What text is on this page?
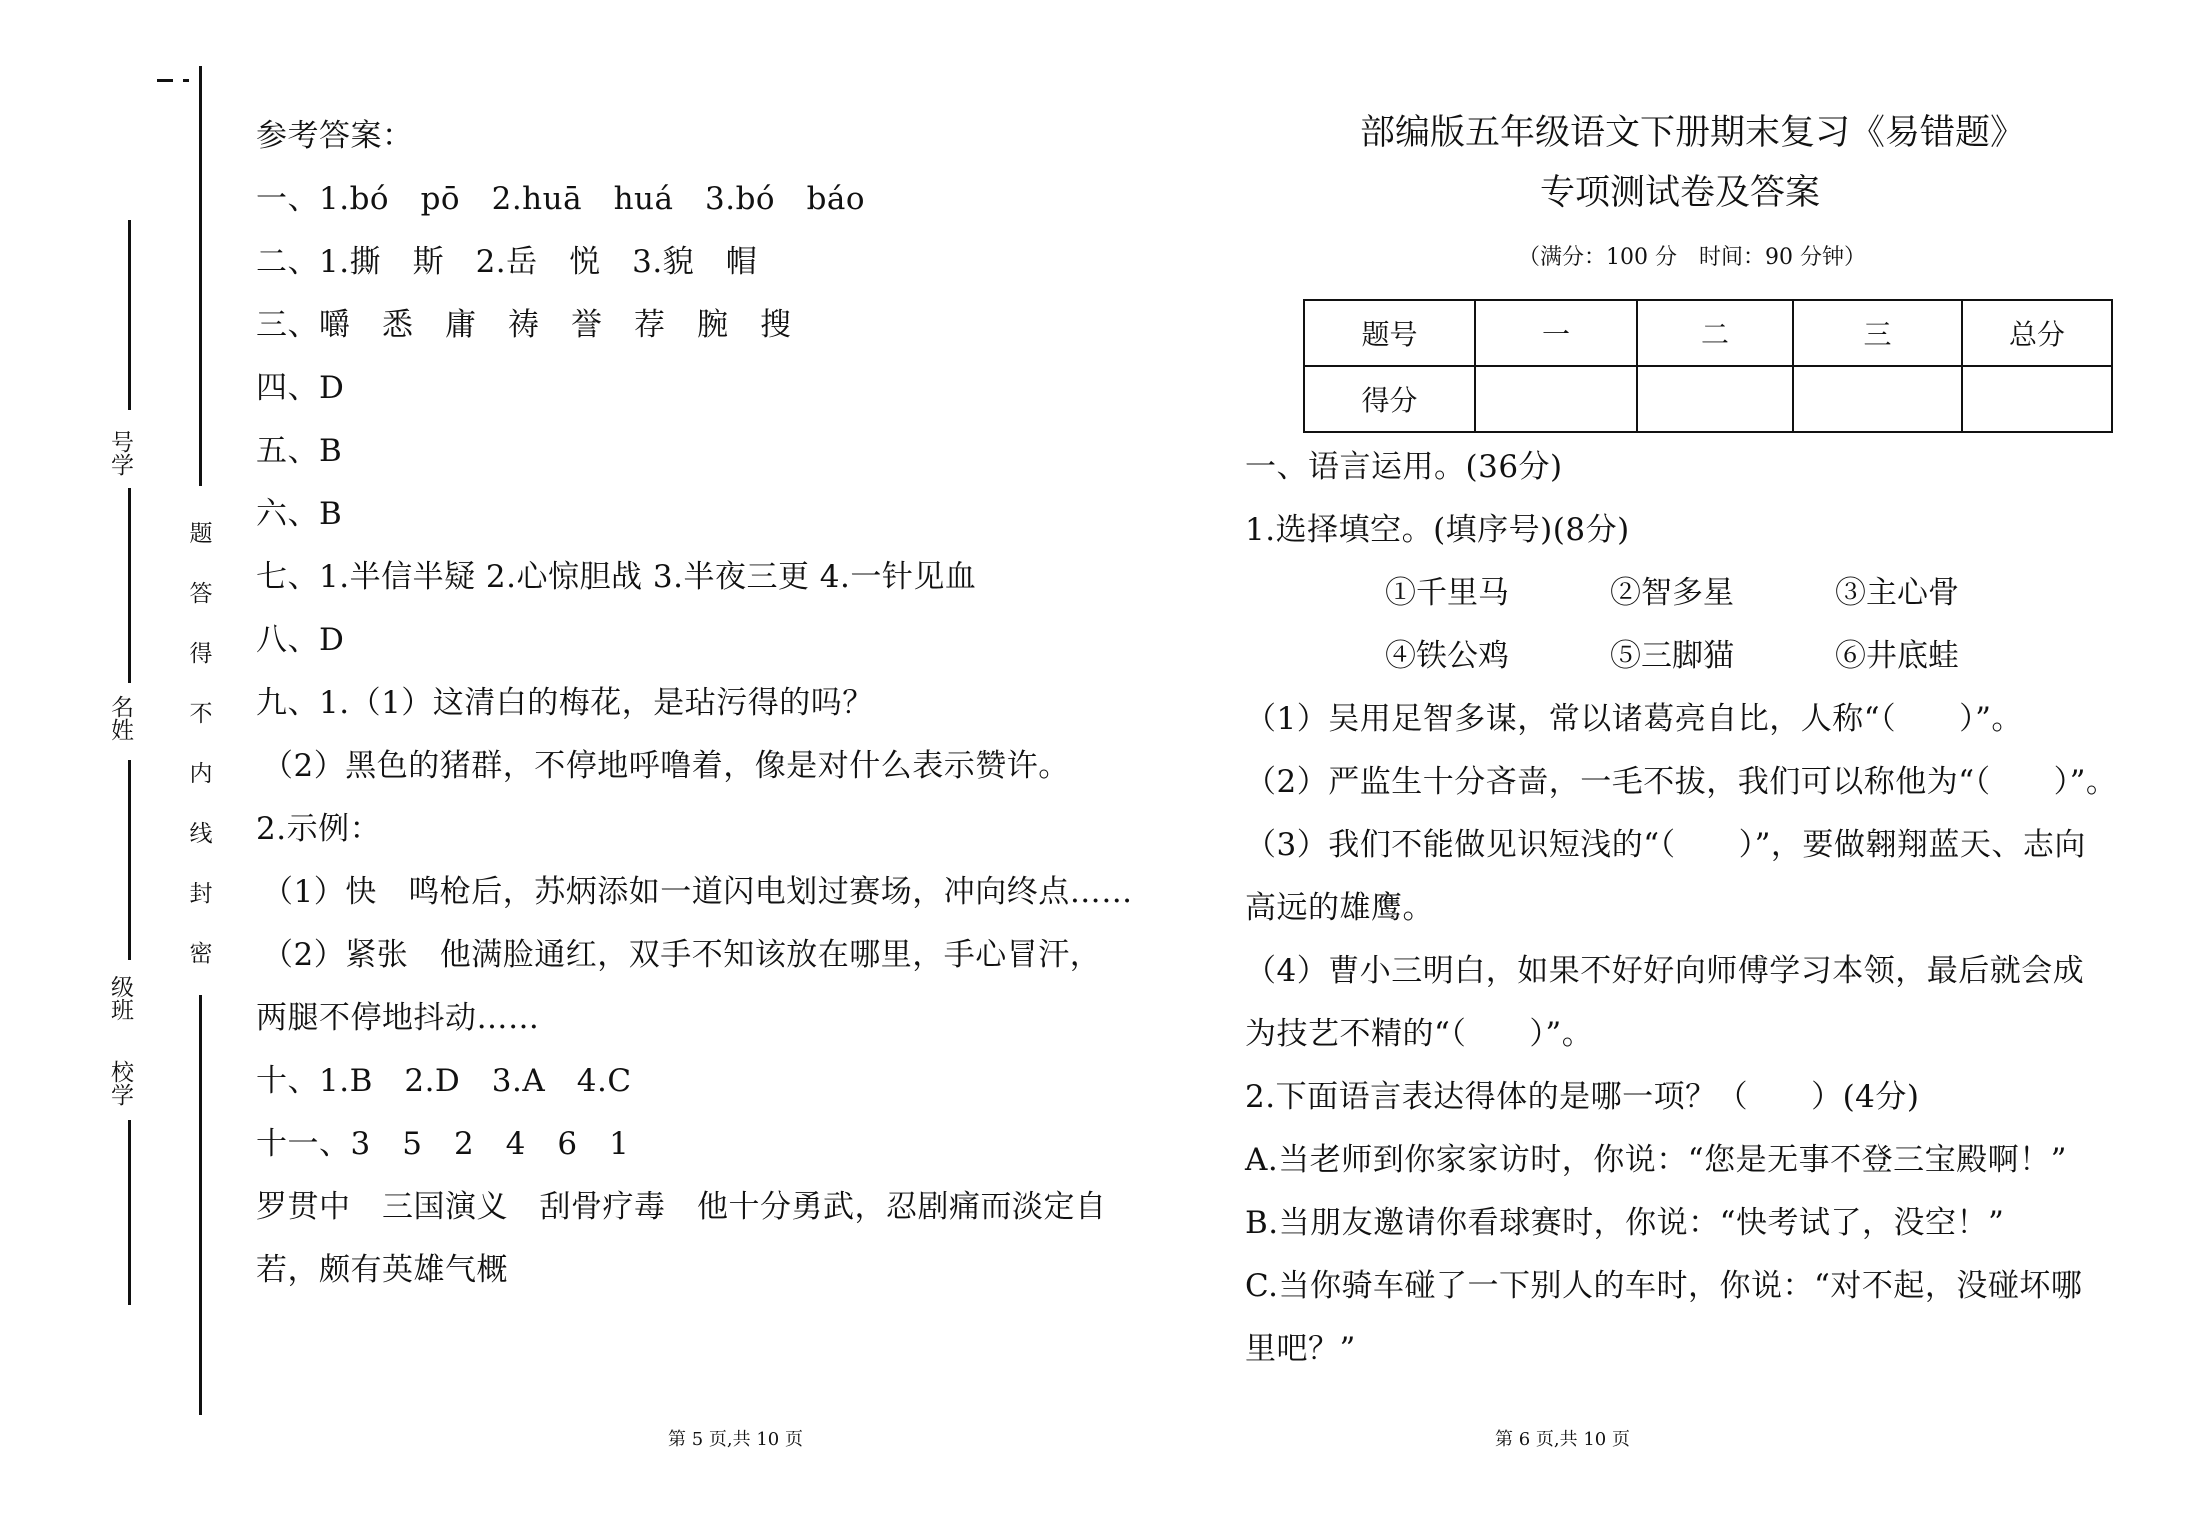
号学
名姓
级班
校学
题
答
得
不
内
线
封
密
参考答案：
一、1.bó　pō　2.huā　huá　3.bó　báo
二、1.撕　斯　2.岳　悦　3.貌　帽
三、嚼　悉　庸　祷　誉　荐　腕　搜
四、D
五、B
六、B
七、1.半信半疑 2.心惊胆战 3.半夜三更 4.一针见血
八、D
九、1.（1）这清白的梅花，是玷污得的吗？
（2）黑色的猪群，不停地呼噜着，像是对什么表示赞许。
2.示例：
（1）快　鸣枪后，苏炳添如一道闪电划过赛场，冲向终点……
（2）紧张　他满脸通红，双手不知该放在哪里，手心冒汗，
两腿不停地抖动……
十、1.B　2.D　3.A　4.C
十一、3　5　2　4　6　1
罗贯中　三国演义　刮骨疗毒　他十分勇武，忍剧痛而淡定自
若，颇有英雄气概
第 5 页,共 10 页
部编版五年级语文下册期末复习《易错题》
专项测试卷及答案
（满分：100 分　时间：90 分钟）
题号	一	二	三	总分
得分				
一、语言运用。(36分)
1.选择填空。(填序号)(8分)
①千里马	②智多星	③主心骨
④铁公鸡	⑤三脚猫	⑥井底蛙
（1）吴用足智多谋，常以诸葛亮自比，人称“（　　）”。
（2）严监生十分吝啬，一毛不拔，我们可以称他为“（　　）”。
（3）我们不能做见识短浅的“（　　）”，要做翱翔蓝天、志向
高远的雄鹰。
（4）曹小三明白，如果不好好向师傅学习本领，最后就会成
为技艺不精的“（　　）”。
2.下面语言表达得体的是哪一项？（　　）(4分)
A.当老师到你家家访时，你说：“您是无事不登三宝殿啊！”
B.当朋友邀请你看球赛时，你说：“快考试了，没空！”
C.当你骑车碰了一下别人的车时，你说：“对不起，没碰坏哪
里吧？”
第 6 页,共 10 页
